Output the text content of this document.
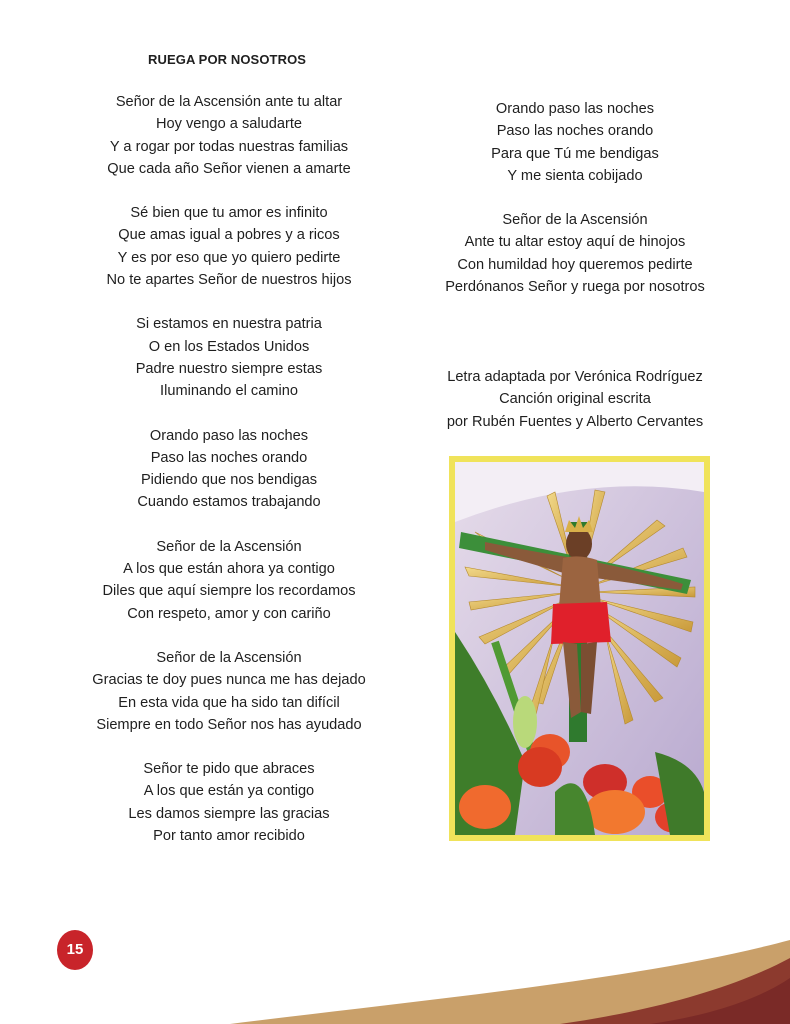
RUEGA POR NOSOTROS
Señor de la Ascensión ante tu altar
Hoy vengo a saludarte
Y a rogar por todas nuestras familias
Que cada año Señor vienen a amarte
Sé bien que tu amor es infinito
Que amas igual a pobres y a ricos
Y es por eso que yo quiero pedirte
No te apartes Señor de nuestros hijos
Si estamos en nuestra patria
O en los Estados Unidos
Padre nuestro siempre estas
Iluminando el camino
Orando paso las noches
Paso las noches orando
Pidiendo que nos bendigas
Cuando estamos trabajando
Señor de la Ascensión
A los que están ahora ya contigo
Diles que aquí siempre los recordamos
Con respeto, amor y con cariño
Señor de la Ascensión
Gracias te doy pues nunca me has dejado
En esta vida que ha sido tan difícil
Siempre en todo Señor nos has ayudado
Señor te pido que abraces
A los que están ya contigo
Les damos siempre las gracias
Por tanto amor recibido
Orando paso las noches
Paso las noches orando
Para que Tú me bendigas
Y me sienta cobijado
Señor de la Ascensión
Ante tu altar estoy aquí de hinojos
Con humildad hoy queremos pedirte
Perdónanos Señor y ruega por nosotros
Letra adaptada por Verónica Rodríguez
Canción original escrita
por Rubén Fuentes y Alberto Cervantes
15
